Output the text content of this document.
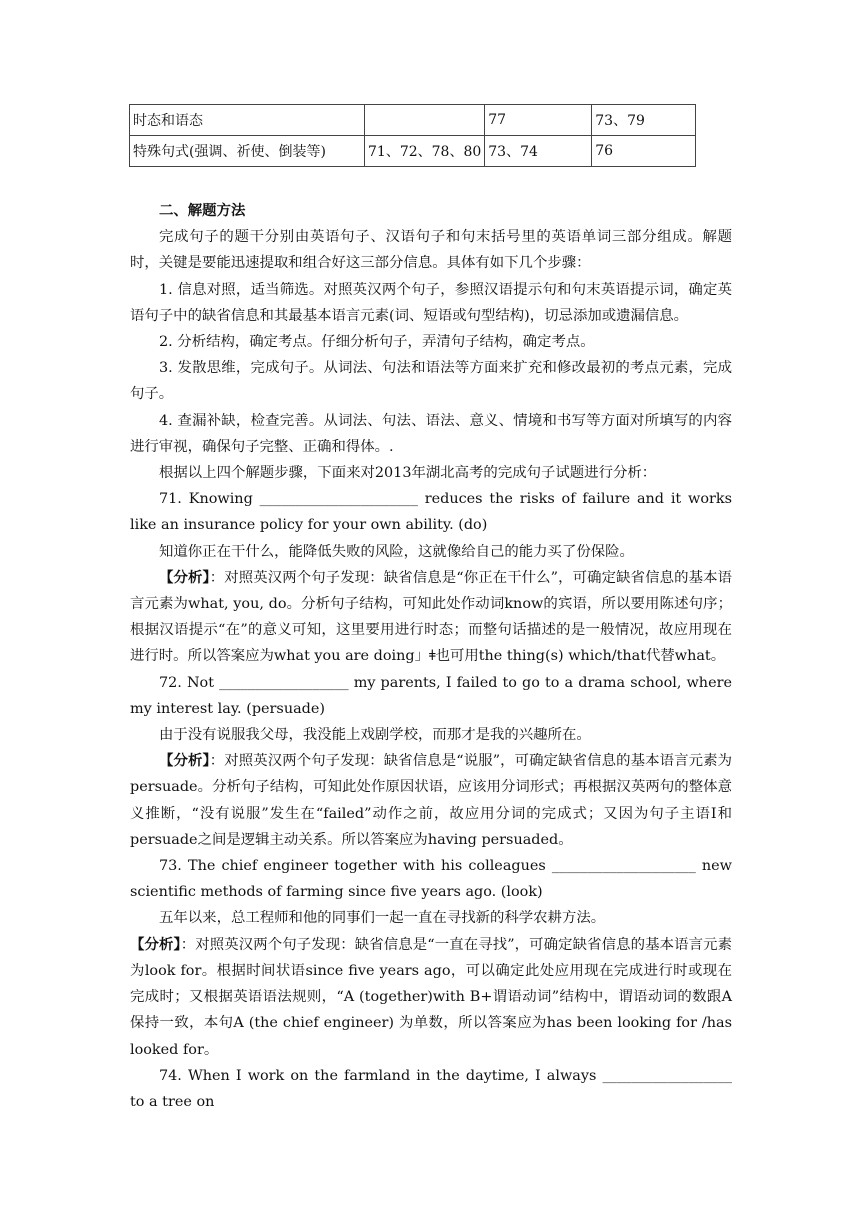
时态和语态		77	73、79
特殊句式(强调、祈使、倒装等)	71、72、78、80	73、74	76

二、解题方法

完成句子的题干分别由英语句子、汉语句子和句末括号里的英语单词三部分组成。解题时，关键是要能迅速提取和组合好这三部分信息。具体有如下几个步骤：

1. 信息对照，适当筛选。对照英汉两个句子，参照汉语提示句和句末英语提示词，确定英语句子中的缺省信息和其最基本语言元素(词、短语或句型结构)，切忌添加或遗漏信息。

2. 分析结构，确定考点。仔细分析句子，弄清句子结构，确定考点。

3. 发散思维，完成句子。从词法、句法和语法等方面来扩充和修改最初的考点元素，完成句子。

4. 查漏补缺，检查完善。从词法、句法、语法、意义、情境和书写等方面对所填写的内容进行审视，确保句子完整、正确和得体。.

根据以上四个解题步骤，下面来对2013年湖北高考的完成句子试题进行分析：

71. Knowing ______________________ reduces the risks of failure and it works like an insurance policy for your own ability. (do)

知道你正在干什么，能降低失败的风险，这就像给自己的能力买了份保险。

【分析】：对照英汉两个句子发现：缺省信息是“你正在干什么”，可确定缺省信息的基本语言元素为what, you, do。分析句子结构，可知此处作动词know的宾语，所以要用陈述句序；根据汉语提示“在”的意义可知，这里要用进行时态；而整句话描述的是一般情况，故应用现在进行时。所以答案应为what you are doing」ǂ也可用the thing(s) which/that代替what。

72. Not __________________ my parents, I failed to go to a drama school, where my interest lay. (persuade)

由于没有说服我父母，我没能上戏剧学校，而那才是我的兴趣所在。

【分析】：对照英汉两个句子发现：缺省信息是“说服”，可确定缺省信息的基本语言元素为persuade。分析句子结构，可知此处作原因状语，应该用分词形式；再根据汉英两句的整体意义推断，“没有说服”发生在“failed”动作之前，故应用分词的完成式；又因为句子主语I和persuade之间是逻辑主动关系。所以答案应为having persuaded。

73. The chief engineer together with his colleagues ____________________ new scientific methods of farming since five years ago. (look)

五年以来，总工程师和他的同事们一起一直在寻找新的科学农耕方法。

【分析】：对照英汉两个句子发现：缺省信息是“一直在寻找”，可确定缺省信息的基本语言元素为look for。根据时间状语since five years ago，可以确定此处应用现在完成进行时或现在完成时；又根据英语语法规则，“A (together)with B+谓语动词”结构中，谓语动词的数跟A保持一致，本句A (the chief engineer) 为单数，所以答案应为has been looking for /has looked for。

74. When I work on the farmland in the daytime, I always __________________ to a tree on
